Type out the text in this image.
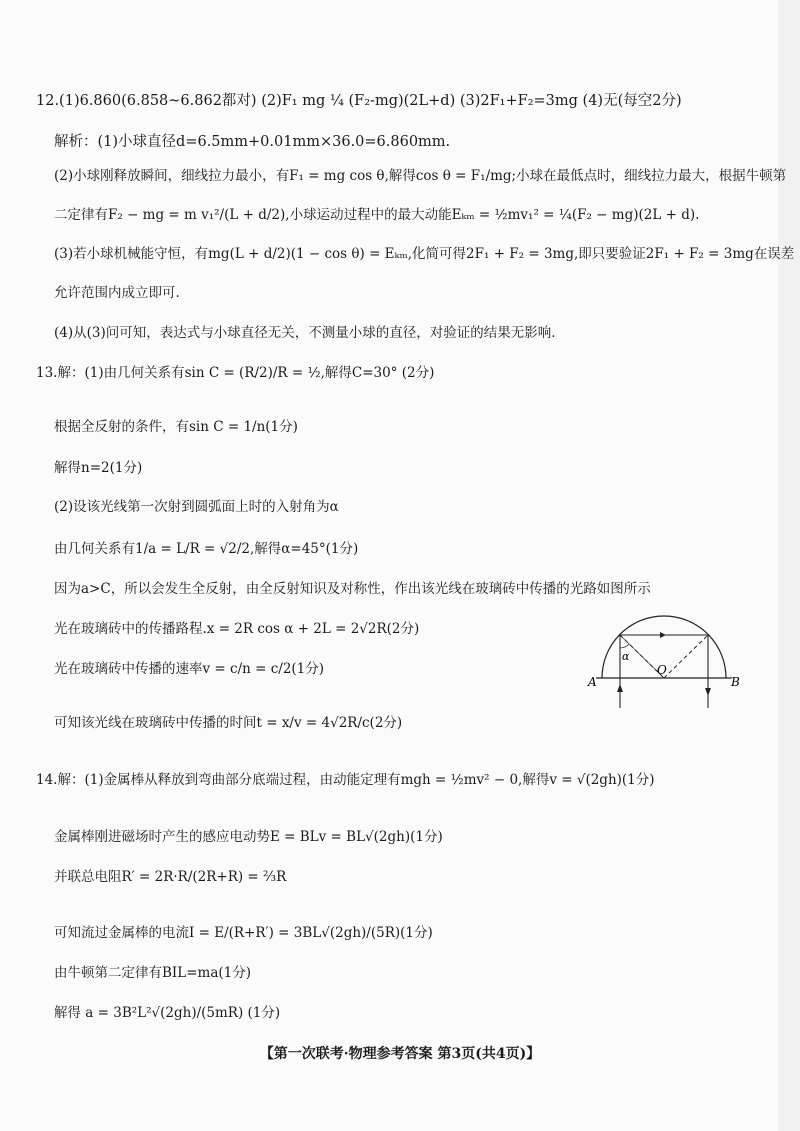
12.(1)6.860(6.858~6.862都对) (2)F₁ mg ¼ (F₂-mg)(2L+d) (3)2F₁+F₂=3mg (4)无(每空2分)
解析：(1)小球直径d=6.5mm+0.01mm×36.0=6.860mm.
(2)小球刚释放瞬间，细线拉力最小，有F₁ = mg cos θ,解得cos θ = F₁/mg;小球在最低点时，细线拉力最大，根据牛顿第
二定律有F₂ − mg = m v₁²/(L + d/2),小球运动过程中的最大动能Eₖₘ = ½mv₁² = ¼(F₂ − mg)(2L + d).
(3)若小球机械能守恒，有mg(L + d/2)(1 − cos θ) = Eₖₘ,化简可得2F₁ + F₂ = 3mg,即只要验证2F₁ + F₂ = 3mg在误差
允许范围内成立即可.
(4)从(3)问可知，表达式与小球直径无关，不测量小球的直径，对验证的结果无影响.
13.解：(1)由几何关系有sin C = (R/2)/R = ½,解得C=30° (2分)
根据全反射的条件，有sin C = 1/n(1分)
解得n=2(1分)
(2)设该光线第一次射到圆弧面上时的入射角为α
由几何关系有1/a = L/R = √2/2,解得α=45°(1分)
因为a>C，所以会发生全反射，由全反射知识及对称性，作出该光线在玻璃砖中传播的光路如图所示
光在玻璃砖中的传播路程.x = 2R cos α + 2L = 2√2R(2分)
光在玻璃砖中传播的速率v = c/n = c/2(1分)
可知该光线在玻璃砖中传播的时间t = x/v = 4√2R/c(2分)
α
O
A	B
14.解：(1)金属棒从释放到弯曲部分底端过程，由动能定理有mgh = ½mv² − 0,解得v = √(2gh)(1分)
金属棒刚进磁场时产生的感应电动势E = BLv = BL√(2gh)(1分)
并联总电阻R′ = 2R·R/(2R+R) = ⅔R
可知流过金属棒的电流I = E/(R+R′) = 3BL√(2gh)/(5R)(1分)
由牛顿第二定律有BIL=ma(1分)
解得 a = 3B²L²√(2gh)/(5mR) (1分)
【第一次联考·物理参考答案 第3页(共4页)】
